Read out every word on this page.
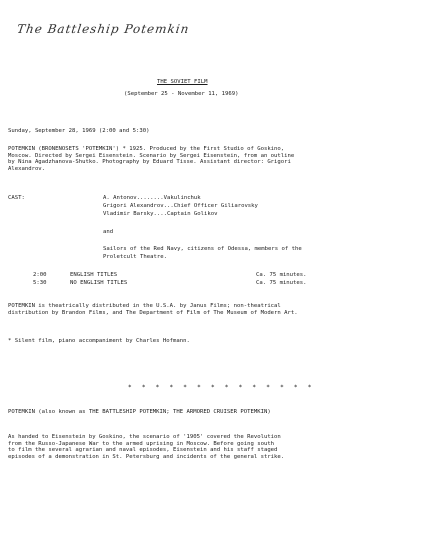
The Battleship Potemkin
THE SOVIET FILM
(September 25 - November 11, 1969)
Sunday, September 28, 1969 (2:00 and 5:30)
POTEMKIN (BRONENOSETS 'POTEMKIN') * 1925. Produced by the First Studio of Goskino,
Moscow. Directed by Sergei Eisenstein. Scenario by Sergei Eisenstein, from an outline
by Nina Agadzhanova-Shutko. Photography by Eduard Tisse. Assistant director: Grigori
Alexandrov.
CAST:	A. Antonov........Vakulinchuk
Grigori Alexandrov...Chief Officer Giliarovsky
Vladimir Barsky....Captain Golikov
and
Sailors of the Red Navy, citizens of Odessa, members of the
Proletcult Theatre.
2:00	ENGLISH TITLES	Ca. 75 minutes.
5:30	NO ENGLISH TITLES	Ca. 75 minutes.
POTEMKIN is theatrically distributed in the U.S.A. by Janus Films; non-theatrical
distribution by Brandon Films, and The Department of Film of The Museum of Modern Art.
* Silent film, piano accompaniment by Charles Hofmann.
* * * * * * * * * * * * * *
POTEMKIN (also known as THE BATTLESHIP POTEMKIN; THE ARMORED CRUISER POTEMKIN)
As handed to Eisenstein by Goskino, the scenario of '1905' covered the Revolution
from the Russo-Japanese War to the armed uprising in Moscow. Before going south
to film the several agrarian and naval episodes, Eisenstein and his staff staged
episodes of a demonstration in St. Petersburg and incidents of the general strike.
